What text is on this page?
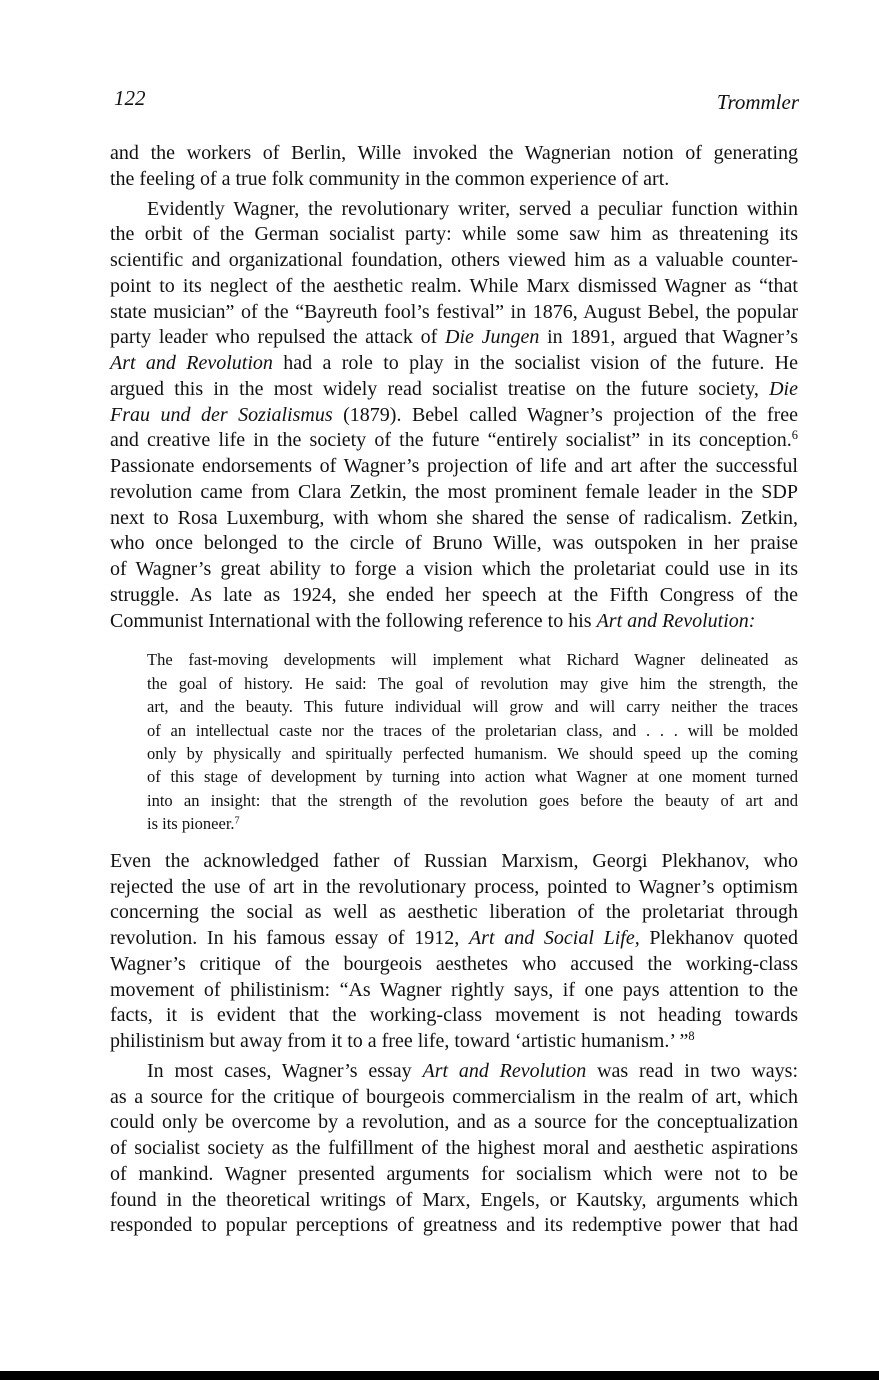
122	Trommler
and the workers of Berlin, Wille invoked the Wagnerian notion of generating
the feeling of a true folk community in the common experience of art.
Evidently Wagner, the revolutionary writer, served a peculiar function within
the orbit of the German socialist party: while some saw him as threatening its
scientific and organizational foundation, others viewed him as a valuable counter-
point to its neglect of the aesthetic realm. While Marx dismissed Wagner as “that
state musician” of the “Bayreuth fool’s festival” in 1876, August Bebel, the popular
party leader who repulsed the attack of Die Jungen in 1891, argued that Wagner’s
Art and Revolution had a role to play in the socialist vision of the future. He
argued this in the most widely read socialist treatise on the future society, Die
Frau und der Sozialismus (1879). Bebel called Wagner’s projection of the free
and creative life in the society of the future “entirely socialist” in its conception.$^6$
Passionate endorsements of Wagner’s projection of life and art after the successful
revolution came from Clara Zetkin, the most prominent female leader in the SDP
next to Rosa Luxemburg, with whom she shared the sense of radicalism. Zetkin,
who once belonged to the circle of Bruno Wille, was outspoken in her praise
of Wagner’s great ability to forge a vision which the proletariat could use in its
struggle. As late as 1924, she ended her speech at the Fifth Congress of the
Communist International with the following reference to his Art and Revolution:
The fast-moving developments will implement what Richard Wagner delineated as
the goal of history. He said: The goal of revolution may give him the strength, the
art, and the beauty. This future individual will grow and will carry neither the traces
of an intellectual caste nor the traces of the proletarian class, and . . . will be molded
only by physically and spiritually perfected humanism. We should speed up the coming
of this stage of development by turning into action what Wagner at one moment turned
into an insight: that the strength of the revolution goes before the beauty of art and
is its pioneer.$^7$
Even the acknowledged father of Russian Marxism, Georgi Plekhanov, who
rejected the use of art in the revolutionary process, pointed to Wagner’s optimism
concerning the social as well as aesthetic liberation of the proletariat through
revolution. In his famous essay of 1912, Art and Social Life, Plekhanov quoted
Wagner’s critique of the bourgeois aesthetes who accused the working-class
movement of philistinism: “As Wagner rightly says, if one pays attention to the
facts, it is evident that the working-class movement is not heading towards
philistinism but away from it to a free life, toward ‘artistic humanism.’ ”$^8$
In most cases, Wagner’s essay Art and Revolution was read in two ways:
as a source for the critique of bourgeois commercialism in the realm of art, which
could only be overcome by a revolution, and as a source for the conceptualization
of socialist society as the fulfillment of the highest moral and aesthetic aspirations
of mankind. Wagner presented arguments for socialism which were not to be
found in the theoretical writings of Marx, Engels, or Kautsky, arguments which
responded to popular perceptions of greatness and its redemptive power that had
